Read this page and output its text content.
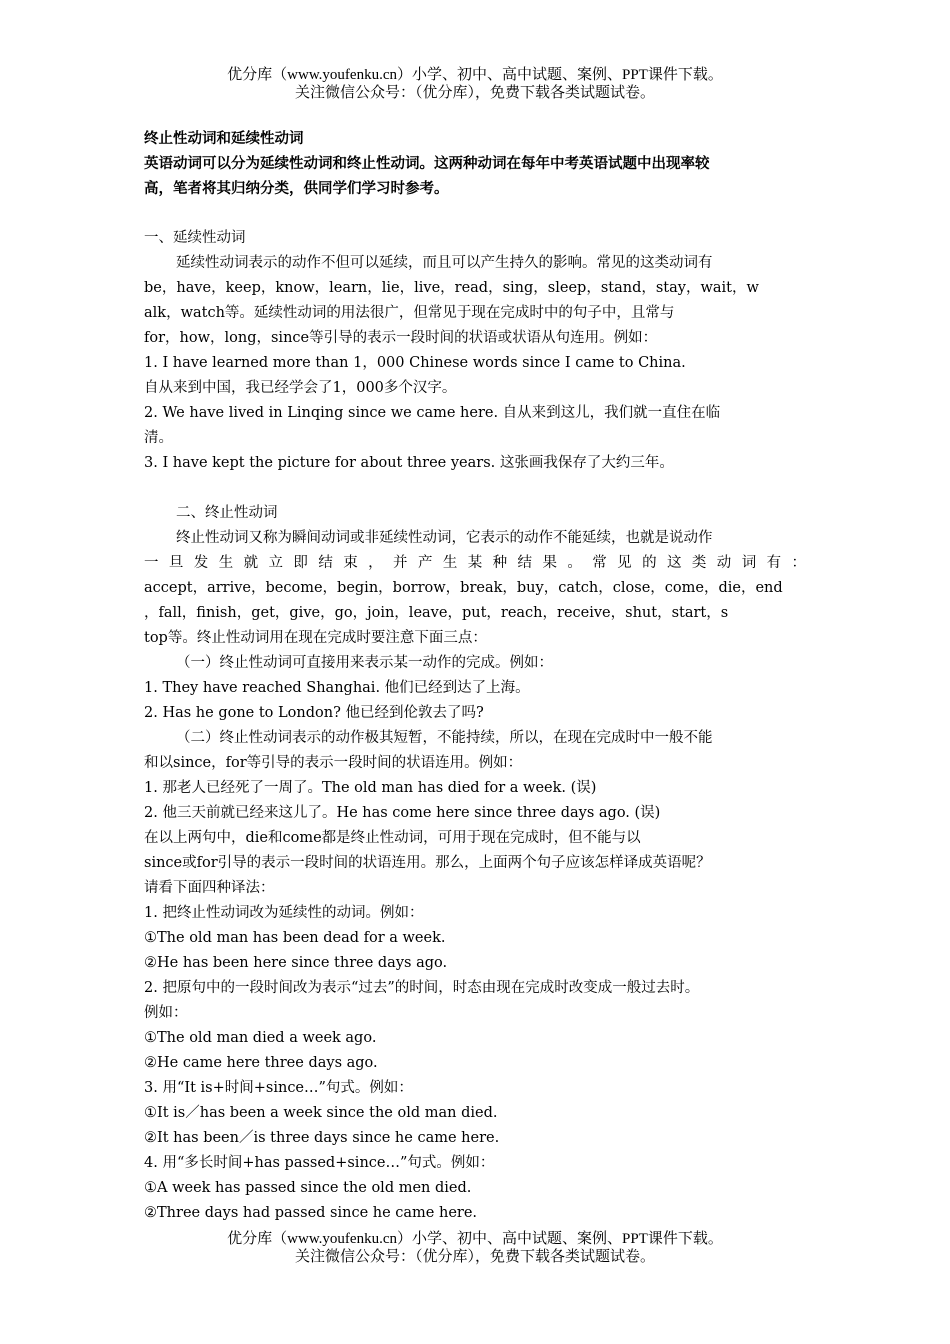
优分库（www.youfenku.cn）小学、初中、高中试题、案例、PPT课件下载。
关注微信公众号：（优分库），免费下载各类试题试卷。
终止性动词和延续性动词
英语动词可以分为延续性动词和终止性动词。这两种动词在每年中考英语试题中出现率较
高，笔者将其归纳分类，供同学们学习时参考。
一、延续性动词
延续性动词表示的动作不但可以延续，而且可以产生持久的影响。常见的这类动词有
be，have，keep，know，learn，lie，live，read，sing，sleep，stand，stay，wait，w
alk，watch等。延续性动词的用法很广，但常见于现在完成时中的句子中，且常与
for，how，long，since等引导的表示一段时间的状语或状语从句连用。例如：
1. I have learned more than 1，000 Chinese words since I came to China.
自从来到中国，我已经学会了1，000多个汉字。
2. We have lived in Linqing since we came here. 自从来到这儿，我们就一直住在临
清。
3. I have kept the picture for about three years. 这张画我保存了大约三年。
二、终止性动词
终止性动词又称为瞬间动词或非延续性动词，它表示的动作不能延续，也就是说动作
一旦发生就立即结束，并产生某种结果。常见的这类动词有：
accept，arrive，become，begin，borrow，break，buy，catch，close，come，die，end
，fall，finish，get，give，go，join，leave，put，reach，receive，shut，start，s
top等。终止性动词用在现在完成时要注意下面三点：
（一）终止性动词可直接用来表示某一动作的完成。例如：
1. They have reached Shanghai. 他们已经到达了上海。
2. Has he gone to London? 他已经到伦敦去了吗?
（二）终止性动词表示的动作极其短暂，不能持续，所以，在现在完成时中一般不能
和以since，for等引导的表示一段时间的状语连用。例如：
1. 那老人已经死了一周了。The old man has died for a week. (误)
2. 他三天前就已经来这儿了。He has come here since three days ago. (误)
在以上两句中，die和come都是终止性动词，可用于现在完成时，但不能与以
since或for引导的表示一段时间的状语连用。那么，上面两个句子应该怎样译成英语呢？
请看下面四种译法：
1. 把终止性动词改为延续性的动词。例如：
①The old man has been dead for a week.
②He has been here since three days ago.
2. 把原句中的一段时间改为表示“过去”的时间，时态由现在完成时改变成一般过去时。
例如：
①The old man died a week ago.
②He came here three days ago.
3. 用“It is+时间+since…”句式。例如：
①It is／has been a week since the old man died.
②It has been／is three days since he came here.
4. 用“多长时间+has passed+since…”句式。例如：
①A week has passed since the old men died.
②Three days had passed since he came here.
优分库（www.youfenku.cn）小学、初中、高中试题、案例、PPT课件下载。
关注微信公众号：（优分库），免费下载各类试题试卷。
